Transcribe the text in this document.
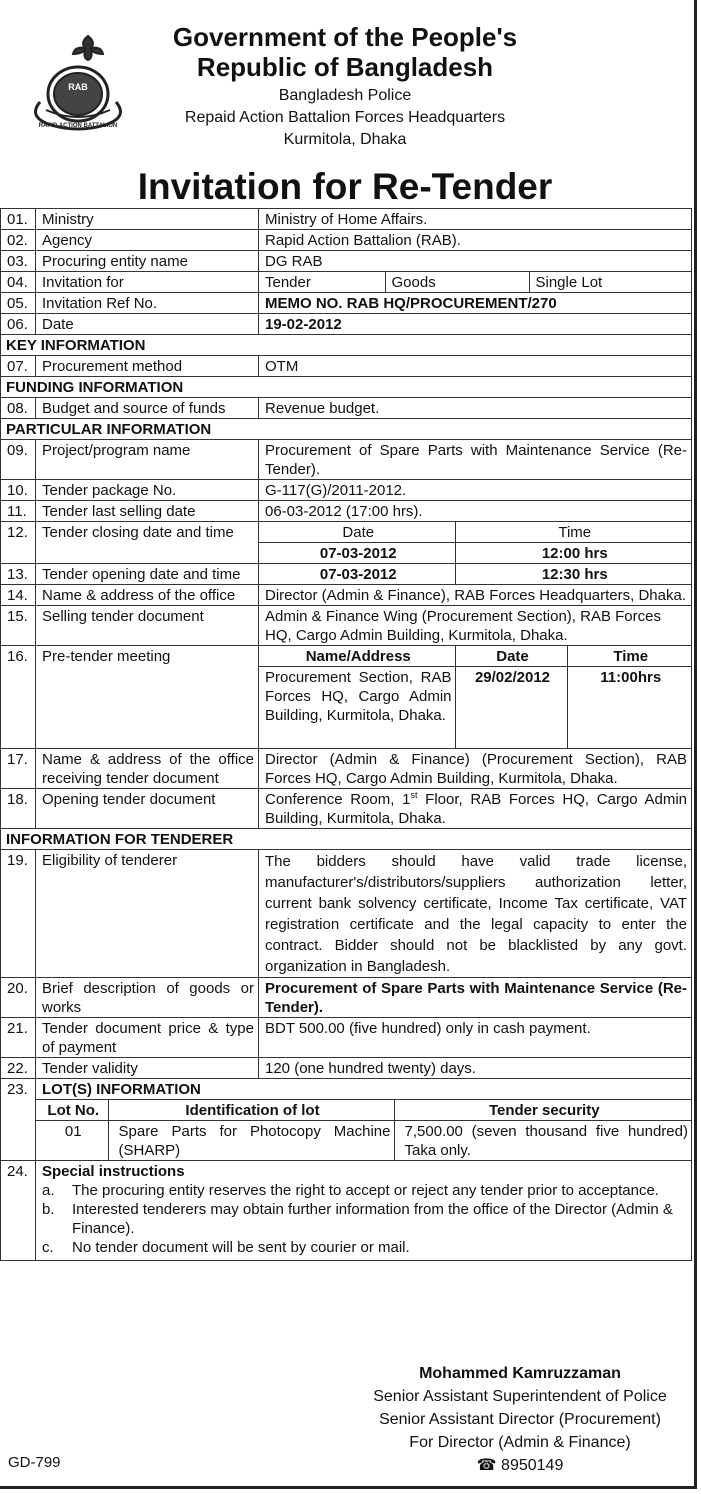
RAB
RAPID ACTION BATTALION
Government of the People's
Republic of Bangladesh
Bangladesh Police
Repaid Action Battalion Forces Headquarters
Kurmitola, Dhaka
Invitation for Re-Tender
01.	Ministry	Ministry of Home Affairs.
02.	Agency	Rapid Action Battalion (RAB).
03.	Procuring entity name	DG RAB
04.	Invitation for		Tender	Goods	Single Lot

05.	Invitation Ref No.	MEMO NO. RAB HQ/PROCUREMENT/270
06.	Date	19-02-2012
KEY INFORMATION
07.	Procurement method	OTM
FUNDING INFORMATION
08.	Budget and source of funds	Revenue budget.
PARTICULAR INFORMATION
09.	Project/program name	Procurement of Spare Parts with Maintenance Service (Re-Tender).
10.	Tender package No.	G-117(G)/2011-2012.
11.	Tender last selling date	06-03-2012 (17:00 hrs).
12.	Tender closing date and time		Date	Time
07-03-2012	12:00 hrs

13.	Tender opening date and time		07-03-2012	12:30 hrs

14.	Name & address of the office	Director (Admin & Finance), RAB Forces Headquarters, Dhaka.
15.	Selling tender document	Admin & Finance Wing (Procurement Section), RAB Forces HQ, Cargo Admin Building, Kurmitola, Dhaka.
16.	Pre-tender meeting		Name/Address	Date	Time
Procurement Section, RAB Forces HQ, Cargo Admin Building, Kurmitola, Dhaka.	29/02/2012	11:00hrs

17.	Name & address of the office receiving tender document	Director (Admin & Finance) (Procurement Section), RAB Forces HQ, Cargo Admin Building, Kurmitola, Dhaka.
18.	Opening tender document	Conference Room, 1st Floor, RAB Forces HQ, Cargo Admin Building, Kurmitola, Dhaka.
INFORMATION FOR TENDERER
19.	Eligibility of tenderer	The bidders should have valid trade license, manufacturer's/distributors/suppliers authorization letter, current bank solvency certificate, Income Tax certificate, VAT registration certificate and the legal capacity to enter the contract. Bidder should not be blacklisted by any govt. organization in Bangladesh.
20.	Brief description of goods or works	Procurement of Spare Parts with Maintenance Service (Re-Tender).
21.	Tender document price & type of payment	BDT 500.00 (five hundred) only in cash payment.
22.	Tender validity	120 (one hundred twenty) days.
23.	LOT(S) INFORMATION
Lot No.	Identification of lot	Tender security
01	Spare Parts for Photocopy Machine (SHARP)	7,500.00 (seven thousand five hundred) Taka only.

24.	Special instructions
a. The procuring entity reserves the right to accept or reject any tender prior to acceptance.
b. Interested tenderers may obtain further information from the office of the Director (Admin & Finance).
c. No tender document will be sent by courier or mail.
Mohammed Kamruzzaman
Senior Assistant Superintendent of Police
Senior Assistant Director (Procurement)
For Director (Admin & Finance)
☎ 8950149
GD-799
